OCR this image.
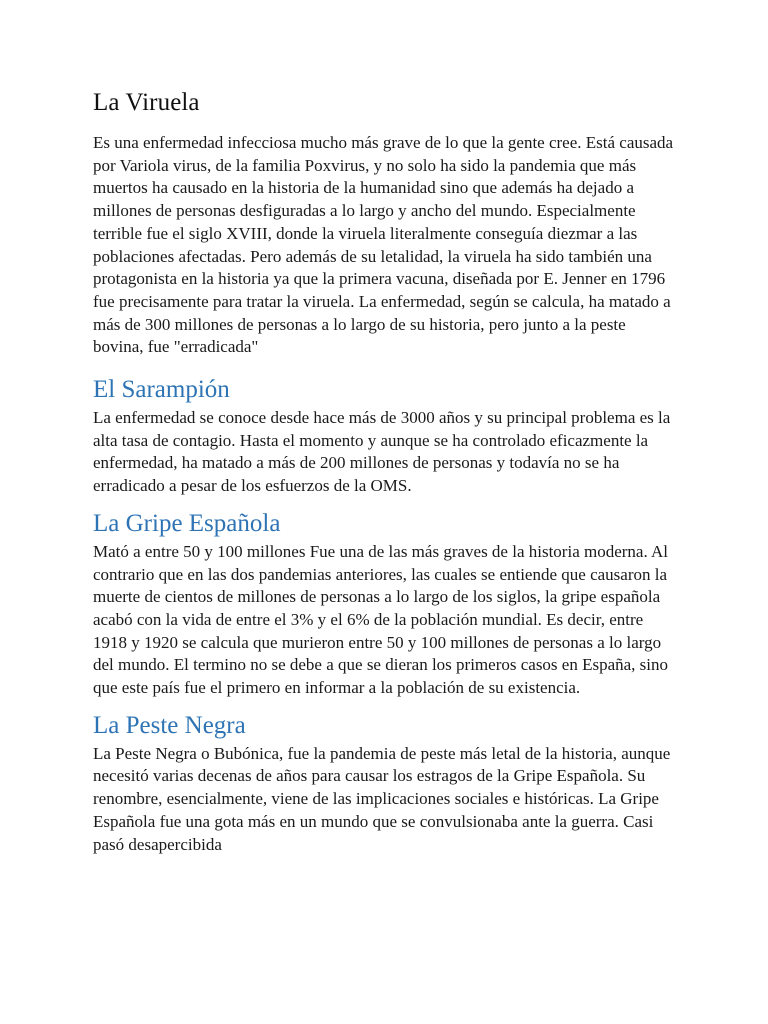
La Viruela

Es una enfermedad infecciosa mucho más grave de lo que la gente cree. Está causada por Variola virus, de la familia Poxvirus, y no solo ha sido la pandemia que más muertos ha causado en la historia de la humanidad sino que además ha dejado a millones de personas desfiguradas a lo largo y ancho del mundo. Especialmente terrible fue el siglo XVIII, donde la viruela literalmente conseguía diezmar a las poblaciones afectadas. Pero además de su letalidad, la viruela ha sido también una protagonista en la historia ya que la primera vacuna, diseñada por E. Jenner en 1796 fue precisamente para tratar la viruela. La enfermedad, según se calcula, ha matado a más de 300 millones de personas a lo largo de su historia, pero junto a la peste bovina, fue "erradicada"

El Sarampión

La enfermedad se conoce desde hace más de 3000 años y su principal problema es la alta tasa de contagio. Hasta el momento y aunque se ha controlado eficazmente la enfermedad, ha matado a más de 200 millones de personas y todavía no se ha erradicado a pesar de los esfuerzos de la OMS.

La Gripe Española

Mató a entre 50 y 100 millones Fue una de las más graves de la historia moderna. Al contrario que en las dos pandemias anteriores, las cuales se entiende que causaron la muerte de cientos de millones de personas a lo largo de los siglos, la gripe española acabó con la vida de entre el 3% y el 6% de la población mundial. Es decir, entre 1918 y 1920 se calcula que murieron entre 50 y 100 millones de personas a lo largo del mundo. El termino no se debe a que se dieran los primeros casos en España, sino que este país fue el primero en informar a la población de su existencia.

La Peste Negra

La Peste Negra o Bubónica, fue la pandemia de peste más letal de la historia, aunque necesitó varias decenas de años para causar los estragos de la Gripe Española. Su renombre, esencialmente, viene de las implicaciones sociales e históricas. La Gripe Española fue una gota más en un mundo que se convulsionaba ante la guerra. Casi pasó desapercibida
